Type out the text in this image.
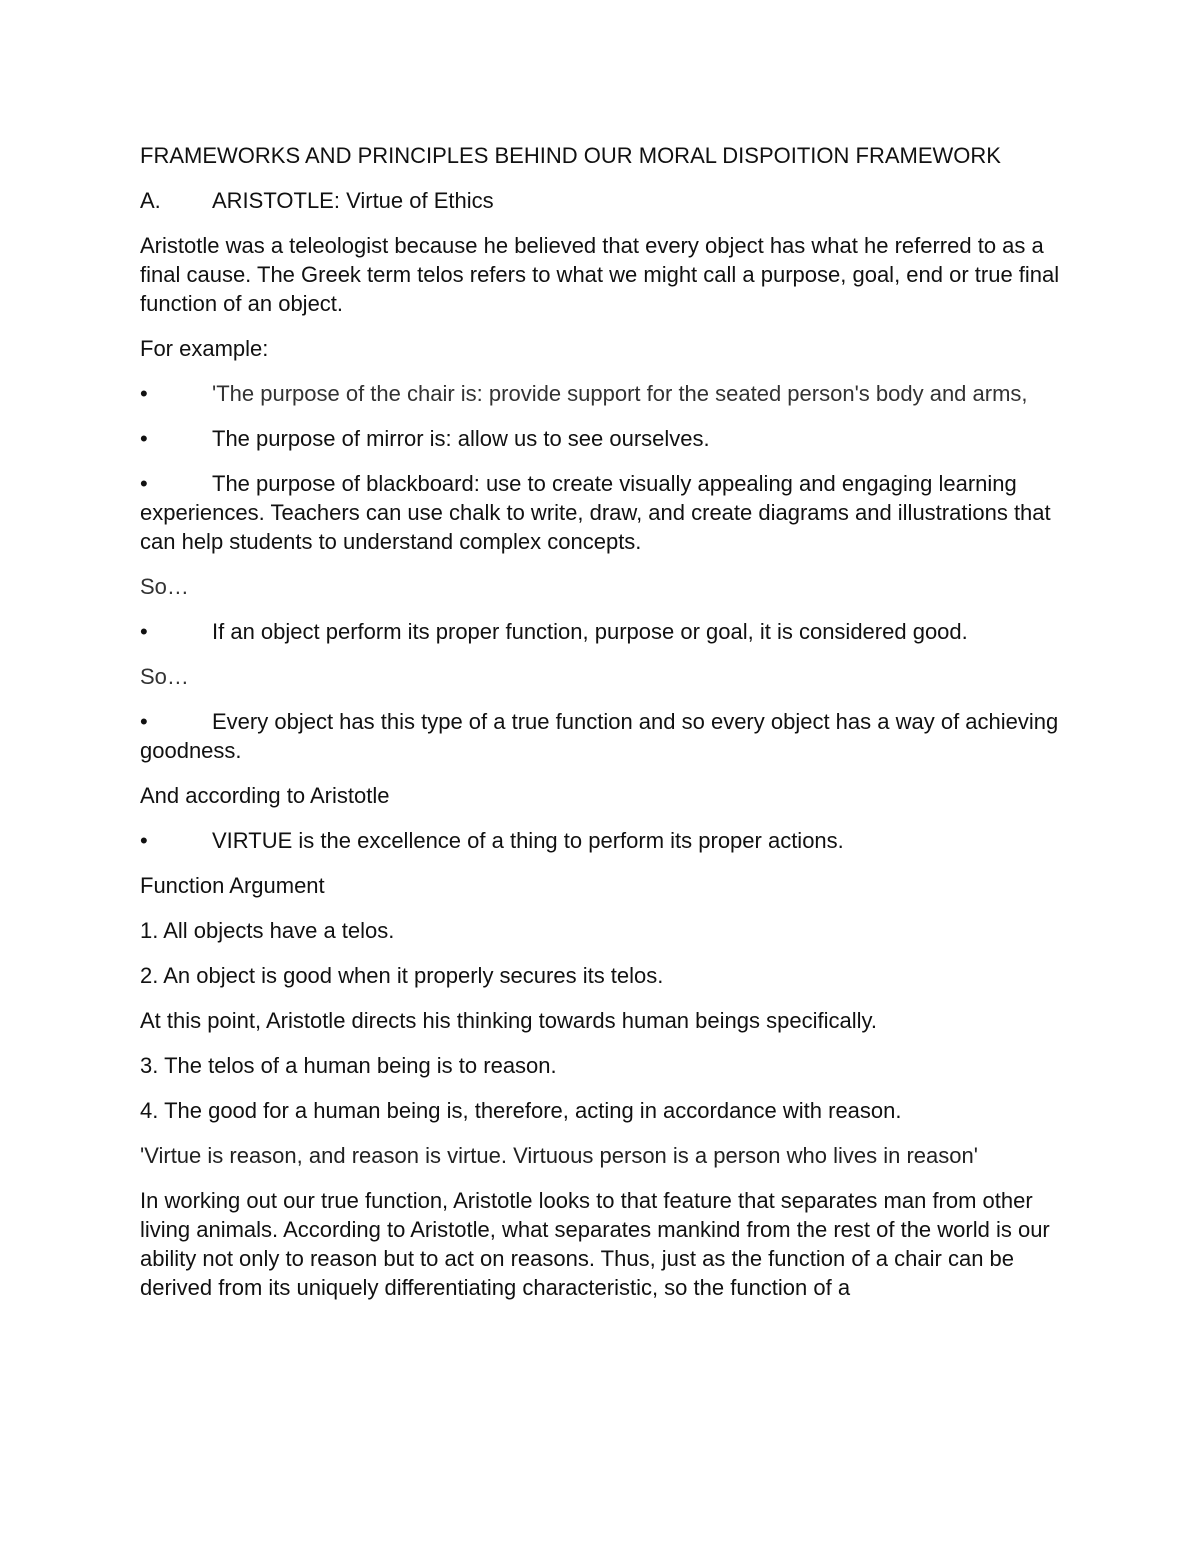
FRAMEWORKS AND PRINCIPLES BEHIND OUR MORAL DISPOITION FRAMEWORK

A.	ARISTOTLE: Virtue of Ethics

Aristotle was a teleologist because he believed that every object has what he referred to as a final cause. The Greek term telos refers to what we might call a purpose, goal, end or true final function of an object.

For example:

•	'The purpose of the chair is: provide support for the seated person's body and arms,
•	The purpose of mirror is: allow us to see ourselves.
•	The purpose of blackboard: use to create visually appealing and engaging learning experiences. Teachers can use chalk to write, draw, and create diagrams and illustrations that can help students to understand complex concepts.

So…

•	If an object perform its proper function, purpose or goal, it is considered good.

So…

•	Every object has this type of a true function and so every object has a way of achieving goodness.

And according to Aristotle

•	VIRTUE is the excellence of a thing to perform its proper actions.

Function Argument

1. All objects have a telos.

2. An object is good when it properly secures its telos.

At this point, Aristotle directs his thinking towards human beings specifically.

3. The telos of a human being is to reason.

4. The good for a human being is, therefore, acting in accordance with reason.

'Virtue is reason, and reason is virtue. Virtuous person is a person who lives in reason'

In working out our true function, Aristotle looks to that feature that separates man from other living animals. According to Aristotle, what separates mankind from the rest of the world is our ability not only to reason but to act on reasons. Thus, just as the function of a chair can be derived from its uniquely differentiating characteristic, so the function of a
